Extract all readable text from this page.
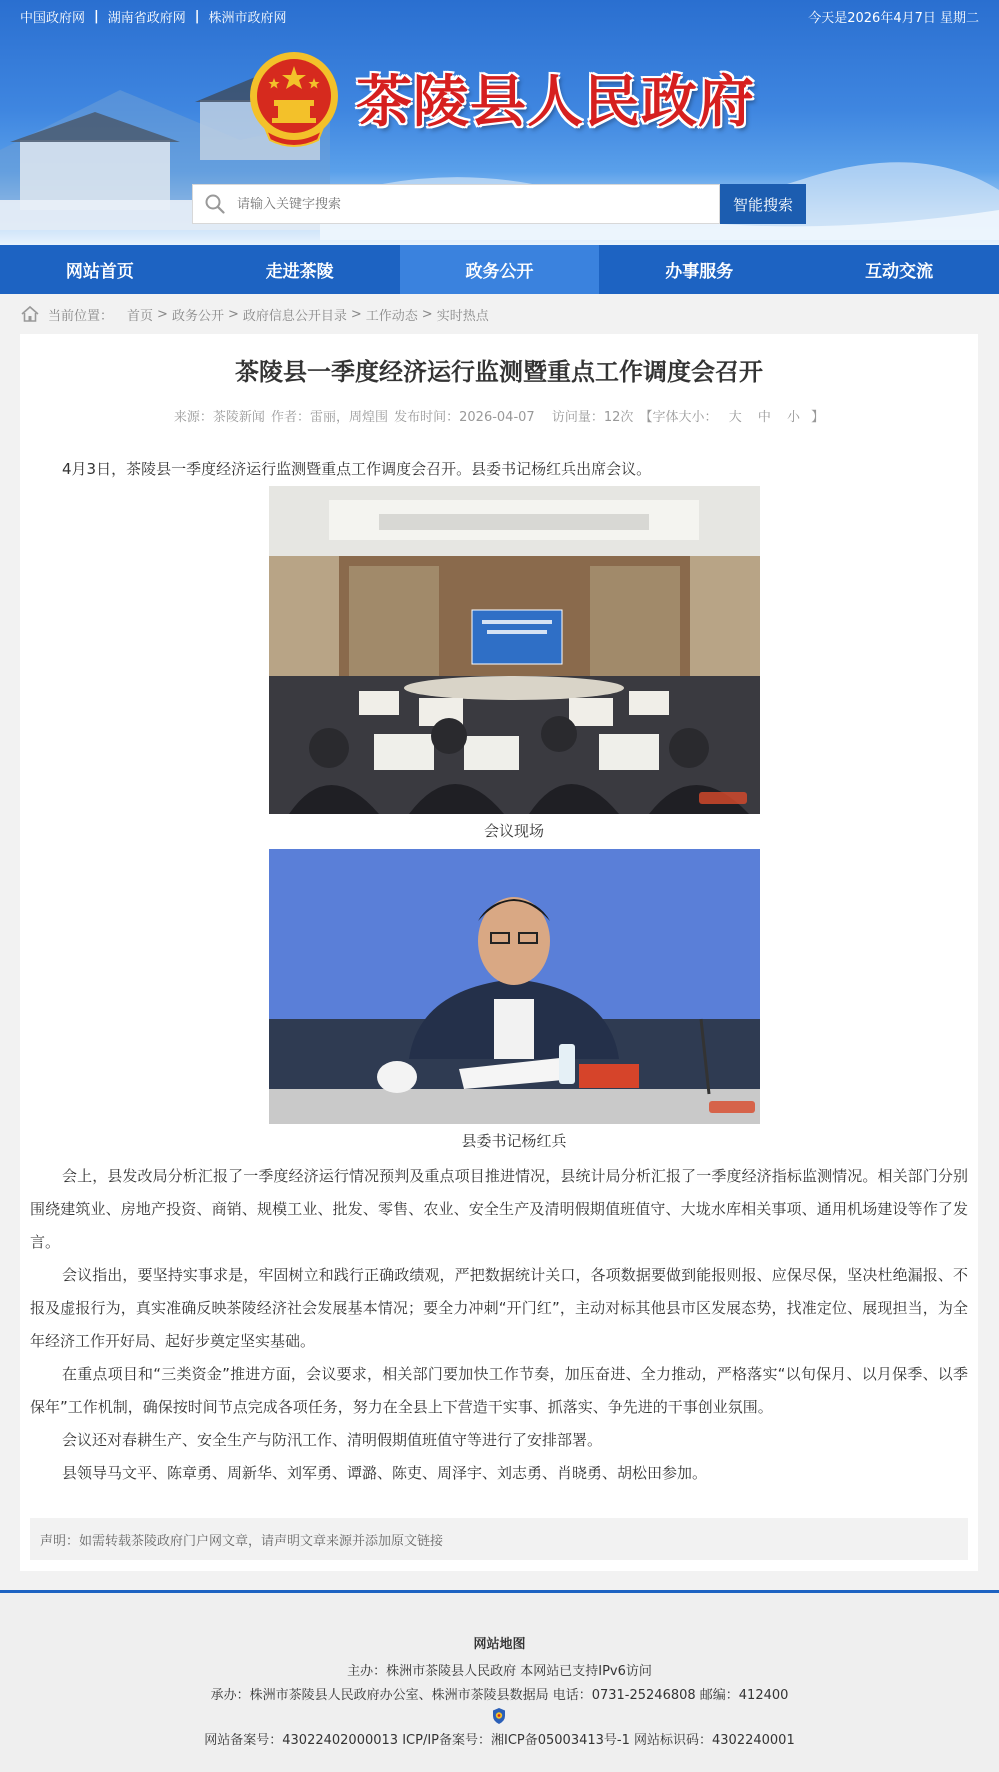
中国政府网 | 湖南省政府网 | 株洲市政府网	今天是2026年4月7日 星期二
茶陵县人民政府
请输入关键字搜索
智能搜索
网站首页	走进茶陵	政务公开	办事服务	互动交流
当前位置： 首页 > 政务公开 > 政府信息公开目录 > 工作动态 > 实时热点
茶陵县一季度经济运行监测暨重点工作调度会召开
来源：茶陵新闻 作者：雷丽，周煌围 发布时间：2026-04-07 访问量：12次 【字体大小： 大 中 小 】
4月3日，茶陵县一季度经济运行监测暨重点工作调度会召开。县委书记杨红兵出席会议。
会议现场
县委书记杨红兵

会上，县发改局分析汇报了一季度经济运行情况预判及重点项目推进情况，县统计局分析汇报了一季度经济指标监测情况。相关部门分别围绕建筑业、房地产投资、商销、规模工业、批发、零售、农业、安全生产及清明假期值班值守、大垅水库相关事项、通用机场建设等作了发言。

会议指出，要坚持实事求是，牢固树立和践行正确政绩观，严把数据统计关口，各项数据要做到能报则报、应保尽保，坚决杜绝漏报、不报及虚报行为，真实准确反映茶陵经济社会发展基本情况；要全力冲刺“开门红”，主动对标其他县市区发展态势，找准定位、展现担当，为全年经济工作开好局、起好步奠定坚实基础。

在重点项目和“三类资金”推进方面，会议要求，相关部门要加快工作节奏，加压奋进、全力推动，严格落实“以旬保月、以月保季、以季保年”工作机制，确保按时间节点完成各项任务，努力在全县上下营造干实事、抓落实、争先进的干事创业氛围。

会议还对春耕生产、安全生产与防汛工作、清明假期值班值守等进行了安排部署。

县领导马文平、陈章勇、周新华、刘军勇、谭潞、陈吏、周泽宇、刘志勇、肖晓勇、胡松田参加。

声明：如需转载茶陵政府门户网文章，请声明文章来源并添加原文链接
网站地图
主办：株洲市茶陵县人民政府 本网站已支持IPv6访问
承办：株洲市茶陵县人民政府办公室、株洲市茶陵县数据局 电话：0731-25246808 邮编：412400
网站备案号：43022402000013 ICP/IP备案号：湘ICP备05003413号-1 网站标识码：4302240001
